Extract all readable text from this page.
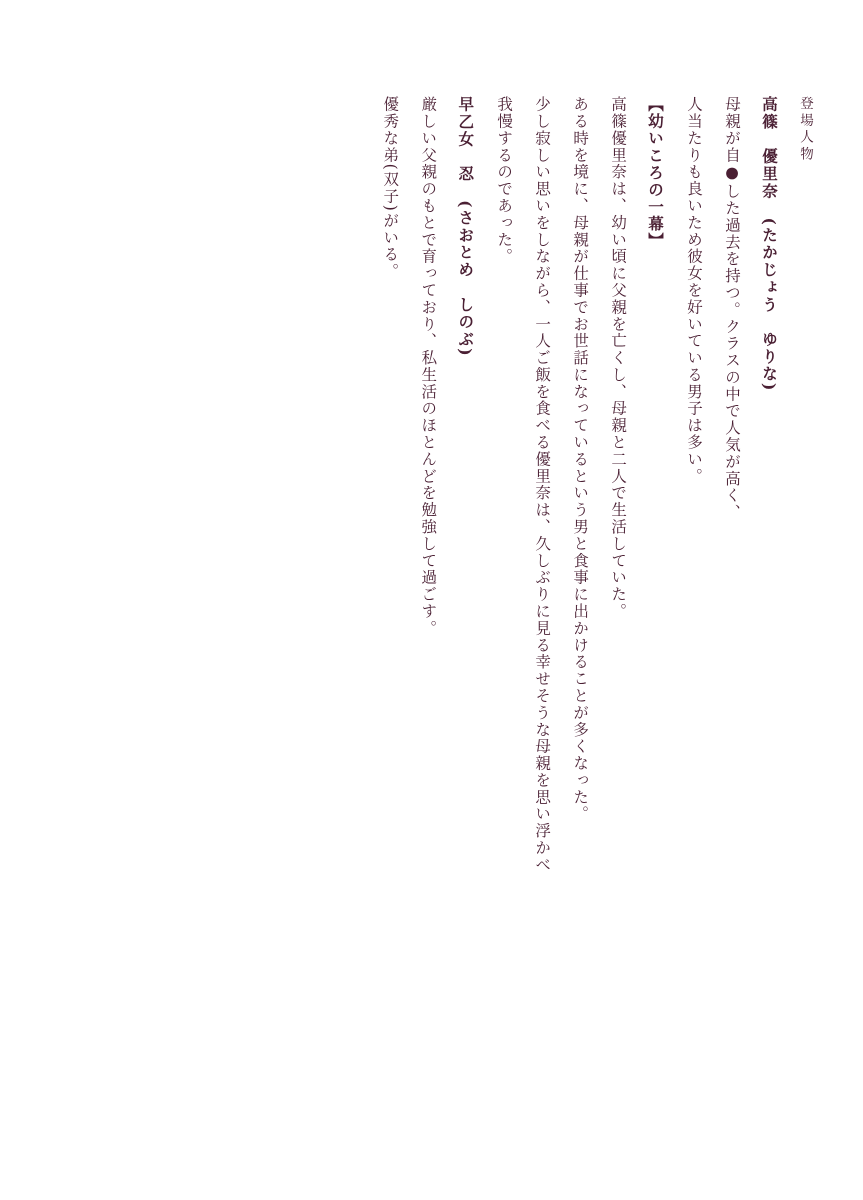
登場人物

高篠　優里奈　(たかじょう　ゆりな)

母親が自●した過去を持つ。クラスの中で人気が高く、

人当たりも良いため彼女を好いている男子は多い。

【幼いころの一幕】

高篠優里奈は、幼い頃に父親を亡くし、母親と二人で生活していた。

ある時を境に、母親が仕事でお世話になっているという男と食事に出かけることが多くなった。

少し寂しい思いをしながら、一人ご飯を食べる優里奈は、久しぶりに見る幸せそうな母親を思い浮かべ

我慢するのであった。

早乙女　忍　(さおとめ　しのぶ)

厳しい父親のもとで育っており、私生活のほとんどを勉強して過ごす。

優秀な弟(双子)がいる。
